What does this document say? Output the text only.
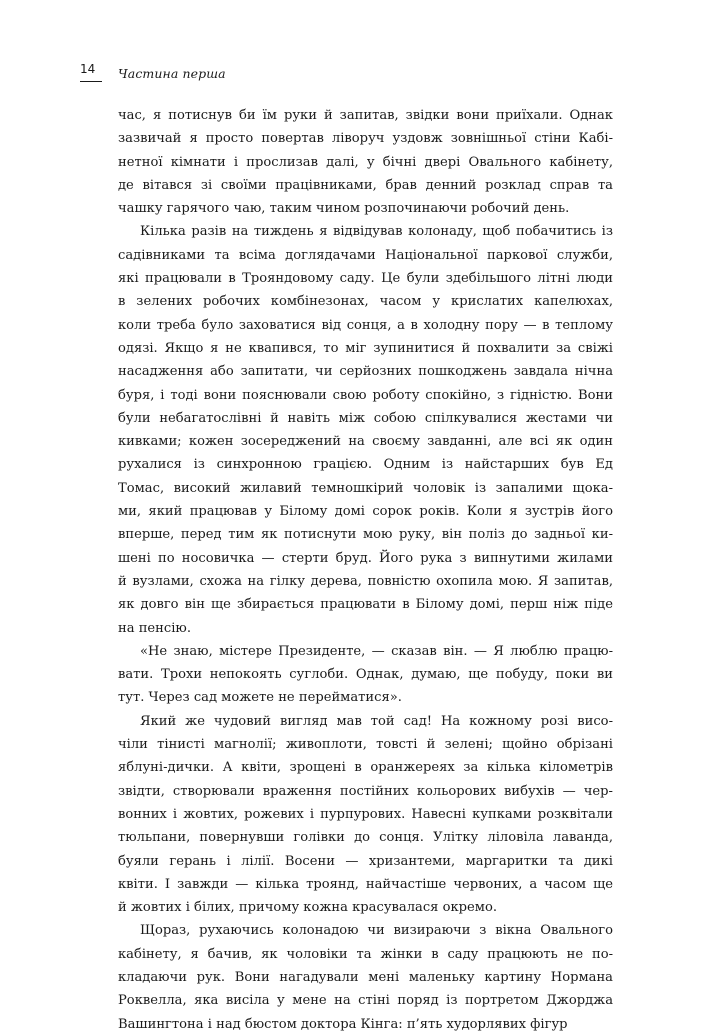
14	Частина перша

час, я потиснув би їм руки й запитав, звідки вони приїхали. Однак
зазвичай я просто повертав ліворуч уздовж зовнішньої стіни Кабі-
нетної кімнати і прослизав далі, у бічні двері Овального кабінету,
де вітався зі своїми працівниками, брав денний розклад справ та
чашку гарячого чаю, таким чином розпочинаючи робочий день.

Кілька разів на тиждень я відвідував колонаду, щоб побачитись із
садівниками та всіма доглядачами Національної паркової служби,
які працювали в Трояндовому саду. Це були здебільшого літні люди
в зелених робочих комбінезонах, часом у крислатих капелюхах,
коли треба було заховатися від сонця, а в холодну пору — в теплому
одязі. Якщо я не квапився, то міг зупинитися й похвалити за свіжі
насадження або запитати, чи серйозних пошкоджень завдала нічна
буря, і тоді вони пояснювали свою роботу спокійно, з гідністю. Вони
були небагатослівні й навіть між собою спілкувалися жестами чи
кивками; кожен зосереджений на своєму завданні, але всі як один
рухалися із синхронною грацією. Одним із найстарших був Ед
Томас, високий жилавий темношкірий чоловік із запалими щока-
ми, який працював у Білому домі сорок років. Коли я зустрів його
вперше, перед тим як потиснути мою руку, він поліз до задньої ки-
шені по носовичка — стерти бруд. Його рука з випнутими жилами
й вузлами, схожа на гілку дерева, повністю охопила мою. Я запитав,
як довго він ще збирається працювати в Білому домі, перш ніж піде
на пенсію.

«Не знаю, містере Президенте, — сказав він. — Я люблю працю-
вати. Трохи непокоять суглоби. Однак, думаю, ще побуду, поки ви
тут. Через сад можете не перейматися».

Який же чудовий вигляд мав той сад! На кожному розі висо-
чіли тінисті магнолії; живоплоти, товсті й зелені; щойно обрізані
яблуні-дички. А квіти, зрощені в оранжереях за кілька кілометрів
звідти, створювали враження постійних кольорових вибухів — чер-
вонних і жовтих, рожевих і пурпурових. Навесні купками розквітали
тюльпани, повернувши голівки до сонця. Улітку ліловіла лаванда,
буяли герань і лілії. Восени — хризантеми, маргаритки та дикі
квіти. І завжди — кілька троянд, найчастіше червоних, а часом ще
й жовтих і білих, причому кожна красувалася окремо.

Щораз, рухаючись колонадою чи визираючи з вікна Овального
кабінету, я бачив, як чоловіки та жінки в саду працюють не по-
кладаючи рук. Вони нагадували мені маленьку картину Нормана
Роквелла, яка висіла у мене на стіні поряд із портретом Джорджа
Вашингтона і над бюстом доктора Кінга: п’ять худорлявих фігур
